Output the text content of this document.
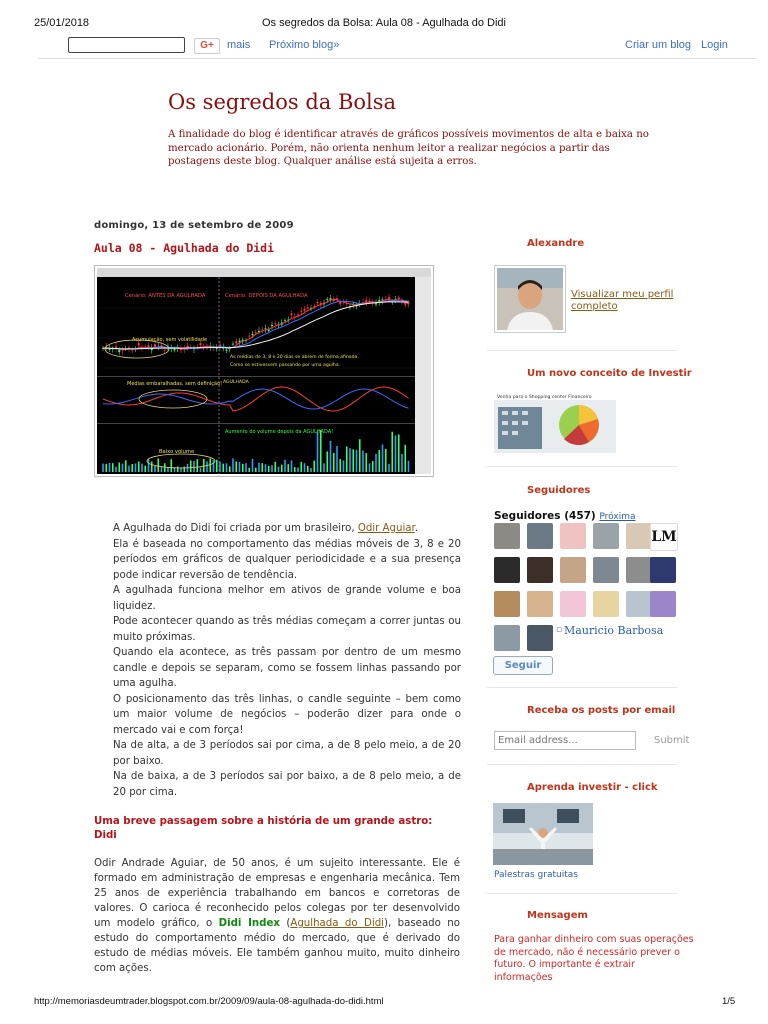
25/01/2018	Os segredos da Bolsa: Aula 08 - Agulhada do Didi
G+	mais Próximo blog»	Criar um blog Login
Os segredos da Bolsa
A finalidade do blog é identificar através de gráficos possíveis movimentos de alta e baixa no mercado acionário. Porém, não orienta nenhum leitor a realizar negócios a partir das postagens deste blog. Qualquer análise está sujeita a erros.
domingo, 13 de setembro de 2009
Aula 08 - Agulhada do Didi
Cenário: ANTES DA AGULHADA	Cenário: DEPOIS DA AGULHADA
Acumulação, sem volatilidade
As médias de 3, 8 e 20 dias se abrem de forma afinada.
Como se estivessem passando por uma agulha.
Médias embaralhadas, sem definição! AGULHADA
Aumento do volume depois da AGULHADA!
Baixo volume

A Agulhada do Didi foi criada por um brasileiro, Odir Aguiar.

Ela é baseada no comportamento das médias móveis de 3, 8 e 20 períodos em gráficos de qualquer periodicidade e a sua presença pode indicar reversão de tendência.

A agulhada funciona melhor em ativos de grande volume e boa liquidez.

Pode acontecer quando as três médias começam a correr juntas ou muito próximas.

Quando ela acontece, as três passam por dentro de um mesmo candle e depois se separam, como se fossem linhas passando por uma agulha.

O posicionamento das três linhas, o candle seguinte – bem como um maior volume de negócios – poderão dizer para onde o mercado vai e com força!

Na de alta, a de 3 períodos sai por cima, a de 8 pelo meio, a de 20 por baixo.

Na de baixa, a de 3 períodos sai por baixo, a de 8 pelo meio, a de 20 por cima.

Uma breve passagem sobre a história de um grande astro: Didi
Odir Andrade Aguiar, de 50 anos, é um sujeito interessante. Ele é formado em administração de empresas e engenharia mecânica. Tem 25 anos de experiência trabalhando em bancos e corretoras de valores. O carioca é reconhecido pelos colegas por ter desenvolvido um modelo gráfico, o Didi Index (Agulhada do Didi), baseado no estudo do comportamento médio do mercado, que é derivado do estudo de médias móveis. Ele também ganhou muito, muito dinheiro com ações.
Alexandre
Visualizar meu perfil completo
Um novo conceito de Investir
Venha para o Shopping center Financeiro
Seguidores
Seguidores (457) Próxima
LM
▫ Mauricio Barbosa
Seguir
Receba os posts por email
Email address...
Submit
Aprenda investir - click
Palestras gratuitas
Mensagem
Para ganhar dinheiro com suas operações de mercado, não é necessário prever o futuro. O importante é extrair informações
http://memoriasdeumtrader.blogspot.com.br/2009/09/aula-08-agulhada-do-didi.html	1/5
